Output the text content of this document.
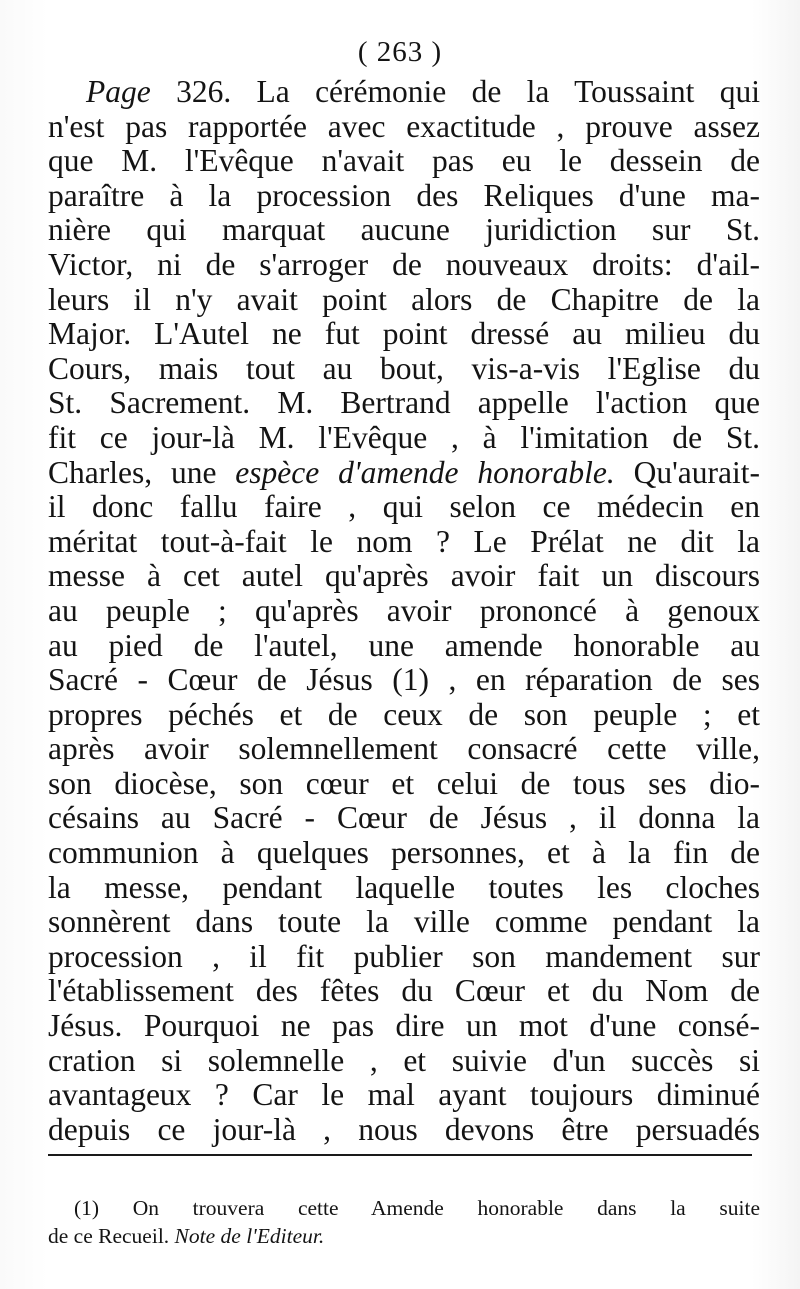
( 263 )
Page 326. La cérémonie de la Toussaint qui
n'est pas rapportée avec exactitude , prouve assez
que M. l'Evêque n'avait pas eu le dessein de
paraître à la procession des Reliques d'une ma-
nière qui marquat aucune juridiction sur St.
Victor, ni de s'arroger de nouveaux droits: d'ail-
leurs il n'y avait point alors de Chapitre de la
Major. L'Autel ne fut point dressé au milieu du
Cours, mais tout au bout, vis-a-vis l'Eglise du
St. Sacrement. M. Bertrand appelle l'action que
fit ce jour-là M. l'Evêque , à l'imitation de St.
Charles, une espèce d'amende honorable. Qu'aurait-
il donc fallu faire , qui selon ce médecin en
méritat tout-à-fait le nom ? Le Prélat ne dit la
messe à cet autel qu'après avoir fait un discours
au peuple ; qu'après avoir prononcé à genoux
au pied de l'autel, une amende honorable au
Sacré - Cœur de Jésus (1) , en réparation de ses
propres péchés et de ceux de son peuple ; et
après avoir solemnellement consacré cette ville,
son diocèse, son cœur et celui de tous ses dio-
césains au Sacré - Cœur de Jésus , il donna la
communion à quelques personnes, et à la fin de
la messe, pendant laquelle toutes les cloches
sonnèrent dans toute la ville comme pendant la
procession , il fit publier son mandement sur
l'établissement des fêtes du Cœur et du Nom de
Jésus. Pourquoi ne pas dire un mot d'une consé-
cration si solemnelle , et suivie d'un succès si
avantageux ? Car le mal ayant toujours diminué
depuis ce jour-là , nous devons être persuadés
(1) On trouvera cette Amende honorable dans la suite
de ce Recueil. Note de l'Editeur.
